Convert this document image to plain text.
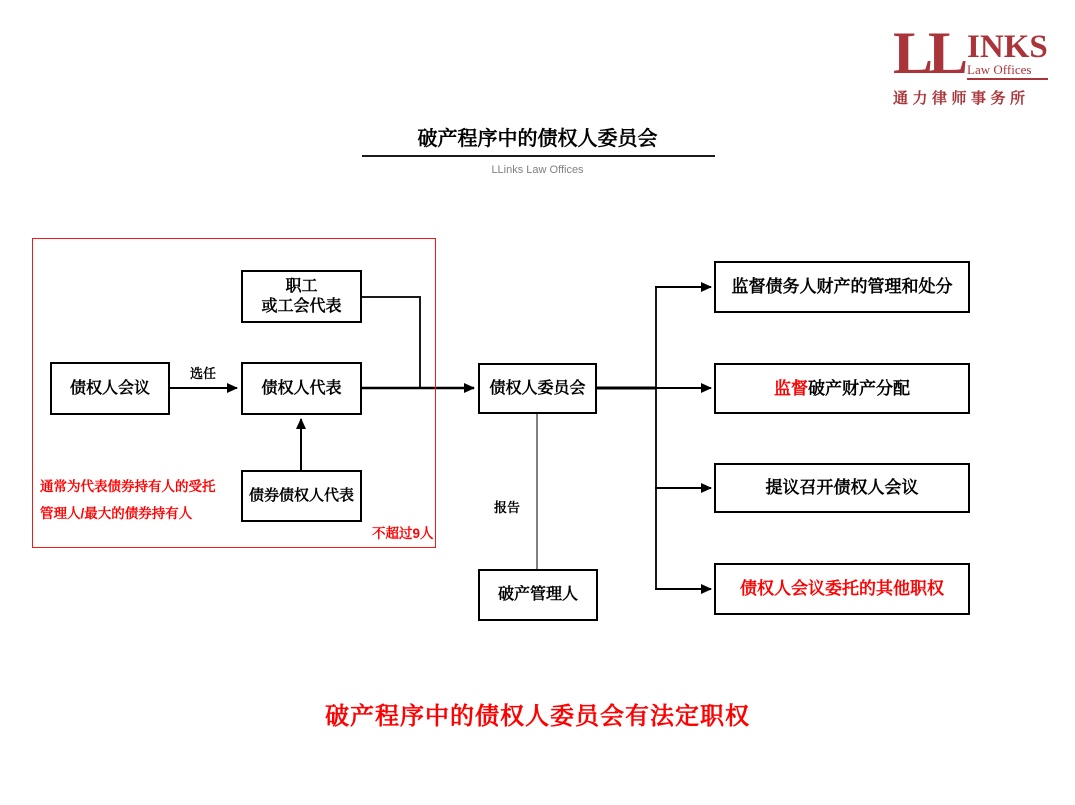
LL INKS
Law Offices
通力律师事务所
破产程序中的债权人委员会
LLinks Law Offices
职工
或工会代表
债权人会议	债权人代表
债券债权人代表
选任
通常为代表债券持有人的受托
管理人/最大的债券持有人
不超过9人
债权人委员会
破产管理人
报告
监督债务人财产的管理和处分
监督 破产财产分配
提议召开债权人会议
债权人会议委托的其他职权
破产程序中的债权人委员会有法定职权
